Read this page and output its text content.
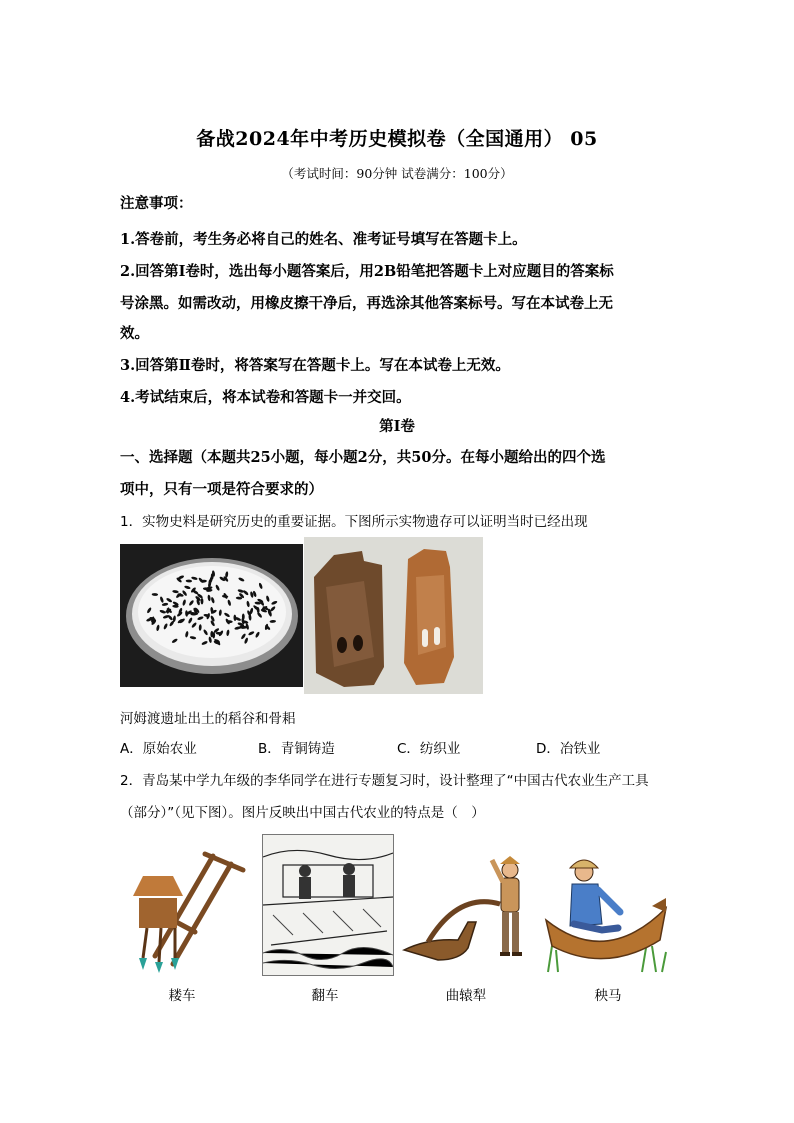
备战2024年中考历史模拟卷（全国通用） 05
（考试时间：90分钟 试卷满分：100分）
注意事项：
1.答卷前，考生务必将自己的姓名、准考证号填写在答题卡上。
2.回答第Ⅰ卷时，选出每小题答案后，用2B铅笔把答题卡上对应题目的答案标
号涂黑。如需改动，用橡皮擦干净后，再选涂其他答案标号。写在本试卷上无
效。
3.回答第Ⅱ卷时，将答案写在答题卡上。写在本试卷上无效。
4.考试结束后，将本试卷和答题卡一并交回。
第Ⅰ卷
一、选择题（本题共25小题，每小题2分，共50分。在每小题给出的四个选
项中，只有一项是符合要求的）
1．实物史料是研究历史的重要证据。下图所示实物遗存可以证明当时已经出现
河姆渡遗址出土的稻谷和骨耜
A．原始农业	B．青铜铸造	C．纺织业	D．冶铁业
2．青岛某中学九年级的李华同学在进行专题复习时，设计整理了“中国古代农业生产工具
（部分）”（见下图）。图片反映出中国古代农业的特点是（　）
耧车	翻车	曲辕犁	秧马
